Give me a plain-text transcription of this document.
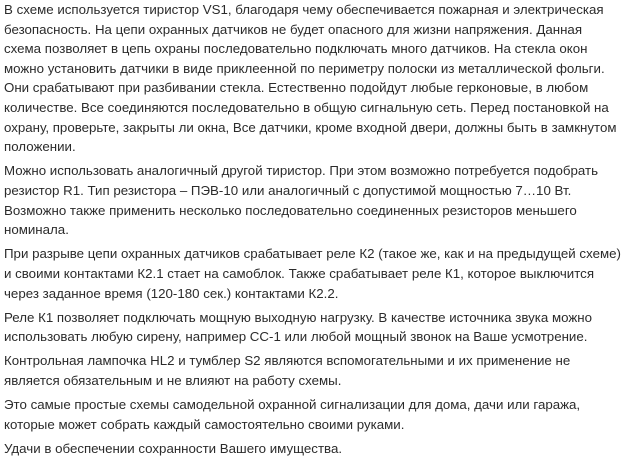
В схеме используется тиристор VS1, благодаря чему обеспечивается пожарная и электрическая безопасность. На цепи охранных датчиков не будет опасного для жизни напряжения. Данная схема позволяет в цепь охраны последовательно подключать много датчиков. На стекла окон можно установить датчики в виде приклеенной по периметру полоски из металлической фольги. Они срабатывают при разбивании стекла. Естественно подойдут любые герконовые, в любом количестве. Все соединяются последовательно в общую сигнальную сеть. Перед постановкой на охрану, проверьте, закрыты ли окна, Все датчики, кроме входной двери, должны быть в замкнутом положении.

Можно использовать аналогичный другой тиристор. При этом возможно потребуется подобрать резистор R1. Тип резистора – ПЭВ-10 или аналогичный с допустимой мощностью 7…10 Вт. Возможно также применить несколько последовательно соединенных резисторов меньшего номинала.

При разрыве цепи охранных датчиков срабатывает реле К2 (такое же, как и на предыдущей схеме) и своими контактами К2.1 стает на самоблок. Также срабатывает реле К1, которое выключится через заданное время (120-180 сек.) контактами К2.2.

Реле К1 позволяет подключать мощную выходную нагрузку. В качестве источника звука можно использовать любую сирену, например СС-1 или любой мощный звонок на Ваше усмотрение.

Контрольная лампочка HL2 и тумблер S2 являются вспомогательными и их применение не является обязательным и не влияют на работу схемы.

Это самые простые схемы самодельной охранной сигнализации для дома, дачи или гаража, которые может собрать каждый самостоятельно своими руками.

Удачи в обеспечении сохранности Вашего имущества.
